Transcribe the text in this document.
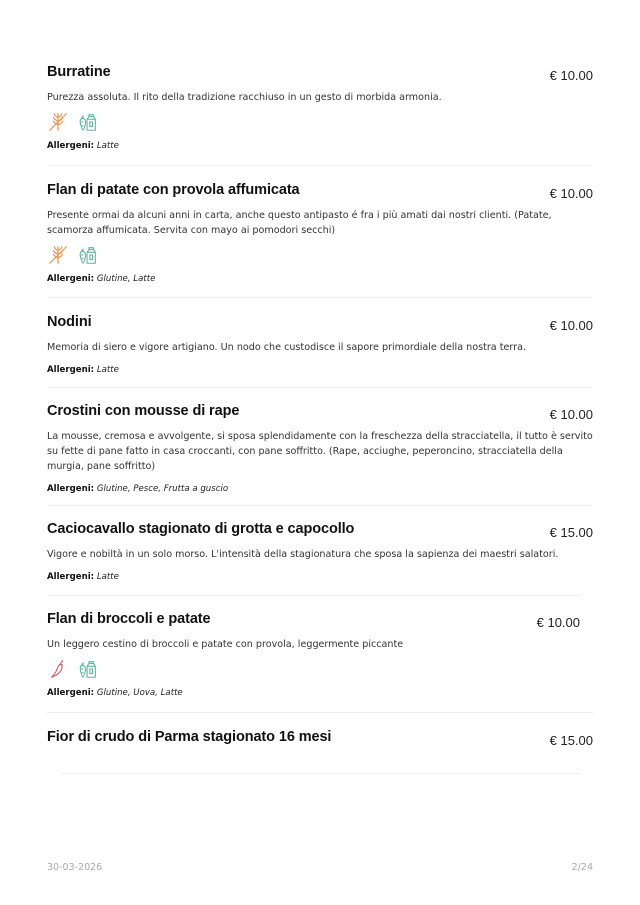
Burratine	€ 10.00
Purezza assoluta. Il rito della tradizione racchiuso in un gesto di morbida armonia.
Allergeni: Latte
Flan di patate con provola affumicata	€ 10.00
Presente ormai da alcuni anni in carta, anche questo antipasto é fra i più amati dai nostri clienti. (Patate, scamorza affumicata. Servita con mayo ai pomodori secchi)
Allergeni: Glutine, Latte
Nodini	€ 10.00
Memoria di siero e vigore artigiano. Un nodo che custodisce il sapore primordiale della nostra terra.
Allergeni: Latte
Crostini con mousse di rape	€ 10.00
La mousse, cremosa e avvolgente, si sposa splendidamente con la freschezza della stracciatella, il tutto è servito su fette di pane fatto in casa croccanti, con pane soffritto. (Rape, acciughe, peperoncino, stracciatella della murgia, pane soffritto)
Allergeni: Glutine, Pesce, Frutta a guscio
Caciocavallo stagionato di grotta e capocollo	€ 15.00
Vigore e nobiltà in un solo morso. L'intensità della stagionatura che sposa la sapienza dei maestri salatori.
Allergeni: Latte
Flan di broccoli e patate	€ 10.00
Un leggero cestino di broccoli e patate con provola, leggermente piccante
Allergeni: Glutine, Uova, Latte
Fior di crudo di Parma stagionato 16 mesi	€ 15.00
30-03-2026	2/24
